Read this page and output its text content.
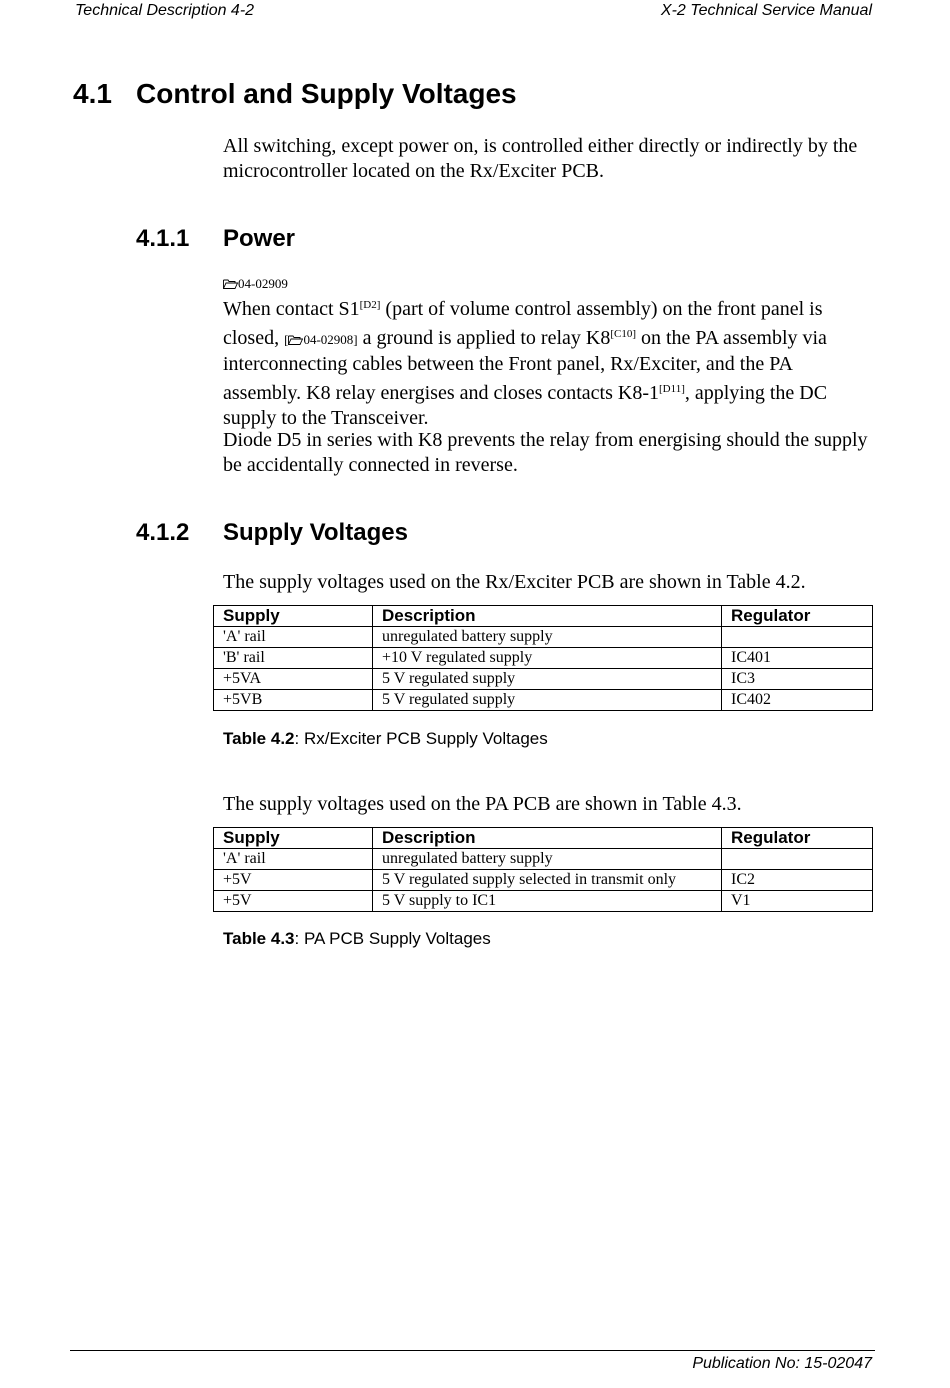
Technical Description 4-2	X-2 Technical Service Manual
4.1 Control and Supply Voltages

All switching, except power on, is controlled either directly or indirectly by the microcontroller located on the Rx/Exciter PCB.

4.1.1 Power

04-02909

When contact S1[D2] (part of volume control assembly) on the front panel is closed, [ 04-02908] a ground is applied to relay K8[C10] on the PA assembly via interconnecting cables between the Front panel, Rx/Exciter, and the PA assembly. K8 relay energises and closes contacts K8-1[D11], applying the DC supply to the Transceiver.

Diode D5 in series with K8 prevents the relay from energising should the supply be accidentally connected in reverse.

4.1.2 Supply Voltages

The supply voltages used on the Rx/Exciter PCB are shown in Table 4.2.

Supply	Description	Regulator
'A' rail	unregulated battery supply	
'B' rail	+10 V regulated supply	IC401
+5VA	5 V regulated supply	IC3
+5VB	5 V regulated supply	IC402
Table 4.2: Rx/Exciter PCB Supply Voltages

The supply voltages used on the PA PCB are shown in Table 4.3.

Supply	Description	Regulator
'A' rail	unregulated battery supply	
+5V	5 V regulated supply selected in transmit only	IC2
+5V	5 V supply to IC1	V1
Table 4.3: PA PCB Supply Voltages
Publication No: 15-02047
